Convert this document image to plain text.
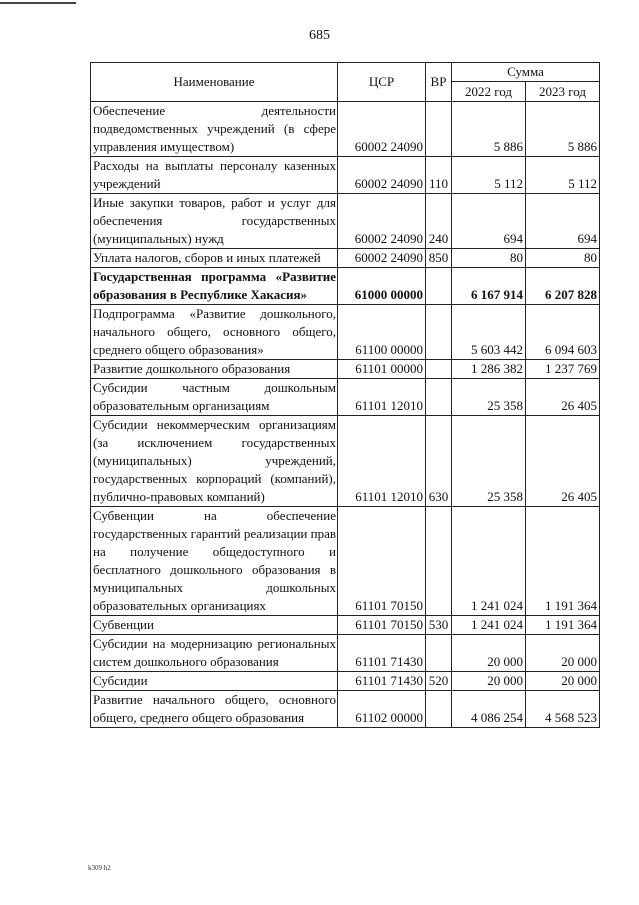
685
Наименование	ЦСР	ВР	Сумма	
			2022 год	2023 год
Обеспечение деятельности подведомственных учреждений (в сфере управления имуществом)	60002 24090		5 886	5 886
Расходы на выплаты персоналу казенных учреждений	60002 24090	110	5 112	5 112
Иные закупки товаров, работ и услуг для обеспечения государственных (муниципальных) нужд	60002 24090	240	694	694
Уплата налогов, сборов и иных платежей	60002 24090	850	80	80
Государственная программа «Развитие образования в Республике Хакасия»	61000 00000		6 167 914	6 207 828
Подпрограмма «Развитие дошкольного, начального общего, основного общего, среднего общего образования»	61100 00000		5 603 442	6 094 603
Развитие дошкольного образования	61101 00000		1 286 382	1 237 769
Субсидии частным дошкольным образовательным организациям	61101 12010		25 358	26 405
Субсидии некоммерческим организациям (за исключением государственных (муниципальных) учреждений, государственных корпораций (компаний), публично-правовых компаний)	61101 12010	630	25 358	26 405
Субвенции на обеспечение государственных гарантий реализации прав на получение общедоступного и бесплатного дошкольного образования в муниципальных дошкольных образовательных организациях	61101 70150		1 241 024	1 191 364
Субвенции	61101 70150	530	1 241 024	1 191 364
Субсидии на модернизацию региональных систем дошкольного образования	61101 71430		20 000	20 000
Субсидии	61101 71430	520	20 000	20 000
Развитие начального общего, основного общего, среднего общего образования	61102 00000		4 086 254	4 568 523
k309 h2
